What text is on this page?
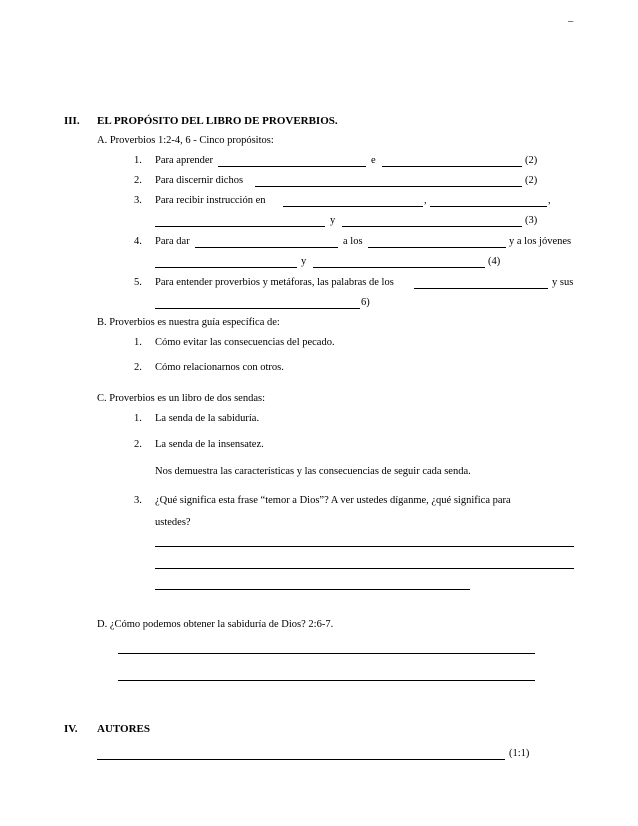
–
III. EL PROPÓSITO DEL LIBRO DE PROVERBIOS.
A. Proverbios 1:2-4, 6 - Cinco propósitos:
1. Para aprender	e	(2)
2. Para discernir dichos	(2)
3. Para recibir instrucción en	,	,
y	(3)
4. Para dar	a los	y a los jóvenes
y	(4)
5. Para entender proverbios y metáforas, las palabras de los	y sus
6)
B. Proverbios es nuestra guía específica de:
1. Cómo evitar las consecuencias del pecado.
2. Cómo relacionarnos con otros.
C. Proverbios es un libro de dos sendas:
1. La senda de la sabiduría.
2. La senda de la insensatez.
Nos demuestra las características y las consecuencias de seguir cada senda.
3. ¿Qué significa esta frase “temor a Dios”? A ver ustedes díganme, ¿qué significa para
ustedes?
D. ¿Cómo podemos obtener la sabiduría de Dios? 2:6-7.
IV. AUTORES
(1:1)
